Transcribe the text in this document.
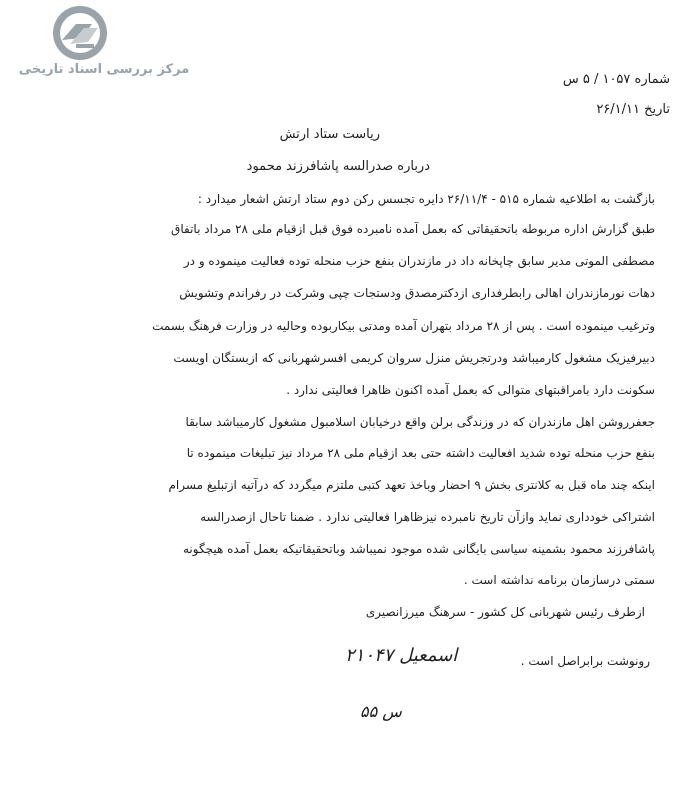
مرکز بررسی اسناد تاریخی
شماره ۱۰۵۷ / ۵ س
تاریخ ۲۶/۱/۱۱
ریاست ستاد ارتش
درباره صدرالسه پاشافرزند محمود
بازگشت به اطلاعیه شماره ۵۱۵ - ۲۶/۱۱/۴ دایره تجسس رکن دوم ستاد ارتش اشعار میدارد :
طبق گزارش اداره مربوطه باتحقیقاتی که بعمل آمده نامبرده فوق قبل ازقیام ملی ۲۸ مرداد باتفاق
مصطفی الموتی مدیر سابق چاپخانه داد در مازندران بنفع حزب منحله توده فعالیت مینموده و در
دهات نورمازندران اهالی رابطرفداری ازدکترمصدق ودستجات چپی وشرکت در رفراندم وتشویش
وترغیب مینموده است . پس از ۲۸ مرداد بتهران آمده ومدتی بیکاربوده وحالیه در وزارت فرهنگ بسمت
دبیرفیزیک مشغول کارمیباشد ودرتجریش منزل سروان کریمی افسرشهربانی که ازبستگان اویست
سکونت دارد بامراقبتهای متوالی که بعمل آمده اکنون ظاهرا فعالیتی ندارد .
جعفرروشن اهل مازندران که در وزندگی برلن واقع درخیابان اسلامبول مشغول کارمیباشد سابقا
بنفع حزب منحله توده شدید افعالیت داشته حتی بعد ازقیام ملی ۲۸ مرداد نیز تبلیغات مینموده تا
اینکه چند ماه قبل به کلانتری بخش ۹ احضار وباخذ تعهد کتبی ملتزم میگردد که درآتیه ازتبلیغ مسرام
اشتراکی خودداری نماید وازآن تاریخ نامبرده نیزظاهرا فعالیتی ندارد . ضمنا تاحال ازصدرالسه
پاشافرزند محمود بشمینه سیاسی بایگانی شده موجود نمیباشد وباتحقیقاتیکه بعمل آمده هیچگونه
سمتی درسازمان برنامه نداشته است .
ازطرف رئیس شهربانی کل کشور - سرهنگ میرزانصیری
رونوشت برابراصل است .
اسمعیل ۲۱۰۴۷
س ۵۵
